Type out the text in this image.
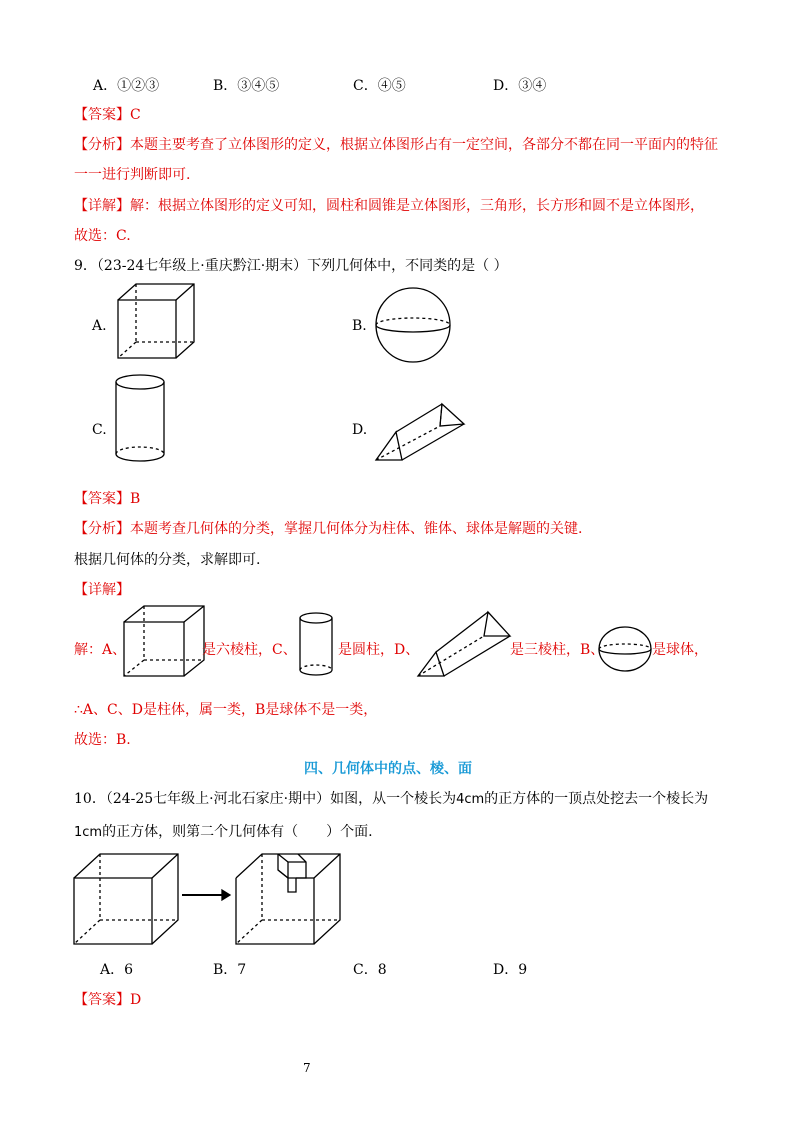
A．①②③	B．③④⑤	C．④⑤	D．③④
【答案】C
【分析】本题主要考查了立体图形的定义，根据立体图形占有一定空间，各部分不都在同一平面内的特征
一一进行判断即可.
【详解】解：根据立体图形的定义可知，圆柱和圆锥是立体图形，三角形，长方形和圆不是立体图形，
故选：C.
9．（23-24七年级上·重庆黔江·期末）下列几何体中，不同类的是（ ）
A.	B.
C.	D.
【答案】B
【分析】本题考查几何体的分类，掌握几何体分为柱体、锥体、球体是解题的关键.
根据几何体的分类，求解即可.
【详解】
解：A、	是六棱柱，C、	是圆柱，D、	是三棱柱，B、	是球体，
∴A、C、D是柱体，属一类，B是球体不是一类，
故选：B.
四、几何体中的点、棱、面
10．（24-25七年级上·河北石家庄·期中）如图，从一个棱长为4cm的正方体的一顶点处挖去一个棱长为
1cm的正方体，则第二个几何体有（　　）个面.
A．6	B．7	C．8	D．9
【答案】D
7
